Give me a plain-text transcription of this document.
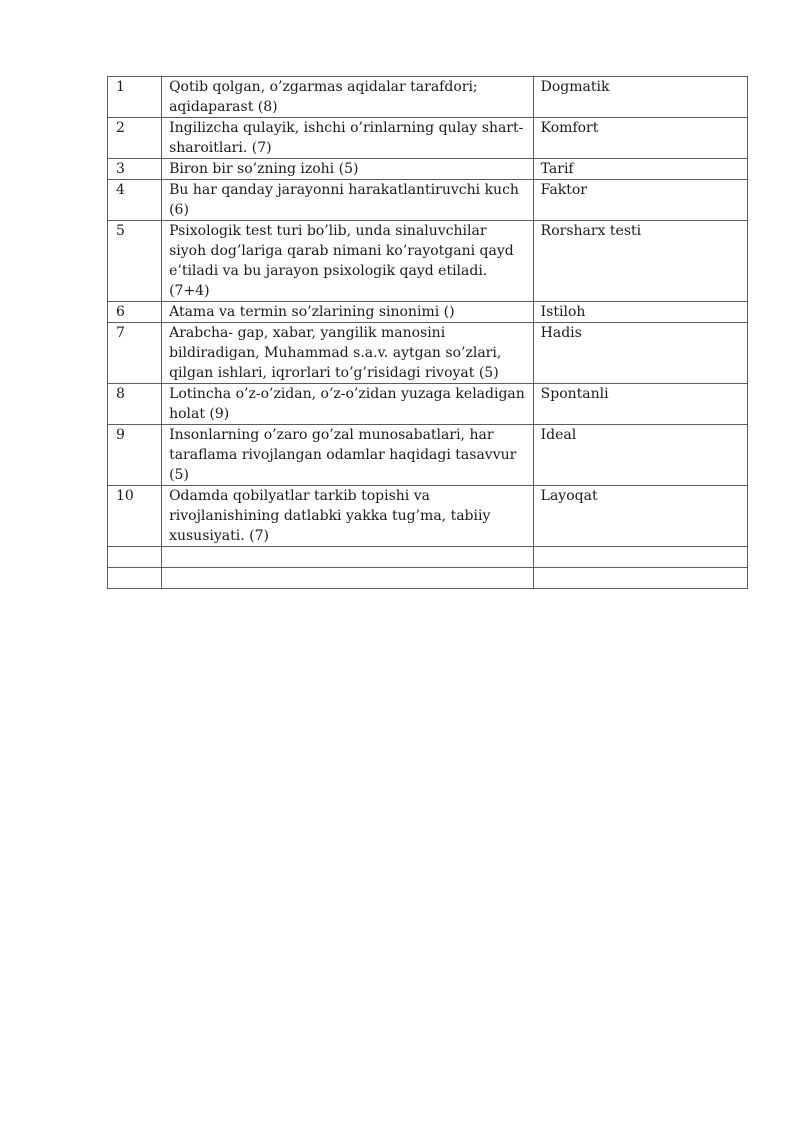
1	Qotib qolgan, o’zgarmas aqidalar tarafdori; aqidaparast (8)	Dogmatik
2	Ingilizcha qulayik, ishchi o’rinlarning qulay shart-sharoitlari. (7)	Komfort
3	Biron bir so’zning izohi (5)	Tarif
4	Bu har qanday jarayonni harakatlantiruvchi kuch (6)	Faktor
5	Psixologik test turi bo’lib, unda sinaluvchilar siyoh dog’lariga qarab nimani ko’rayotgani qayd e’tiladi va bu jarayon psixologik qayd etiladi. (7+4)	Rorsharx testi
6	Atama va termin so’zlarining sinonimi ()	Istiloh
7	Arabcha- gap, xabar, yangilik manosini bildiradigan, Muhammad s.a.v. aytgan so’zlari, qilgan ishlari, iqrorlari to’g’risidagi rivoyat (5)	Hadis
8	Lotincha o’z-o’zidan, o’z-o’zidan yuzaga keladigan holat (9)	Spontanli
9	Insonlarning o’zaro go’zal munosabatlari, har taraflama rivojlangan odamlar haqidagi tasavvur (5)	Ideal
10	Odamda qobilyatlar tarkib topishi va rivojlanishining datlabki yakka tug’ma, tabiiy xususiyati. (7)	Layoqat
